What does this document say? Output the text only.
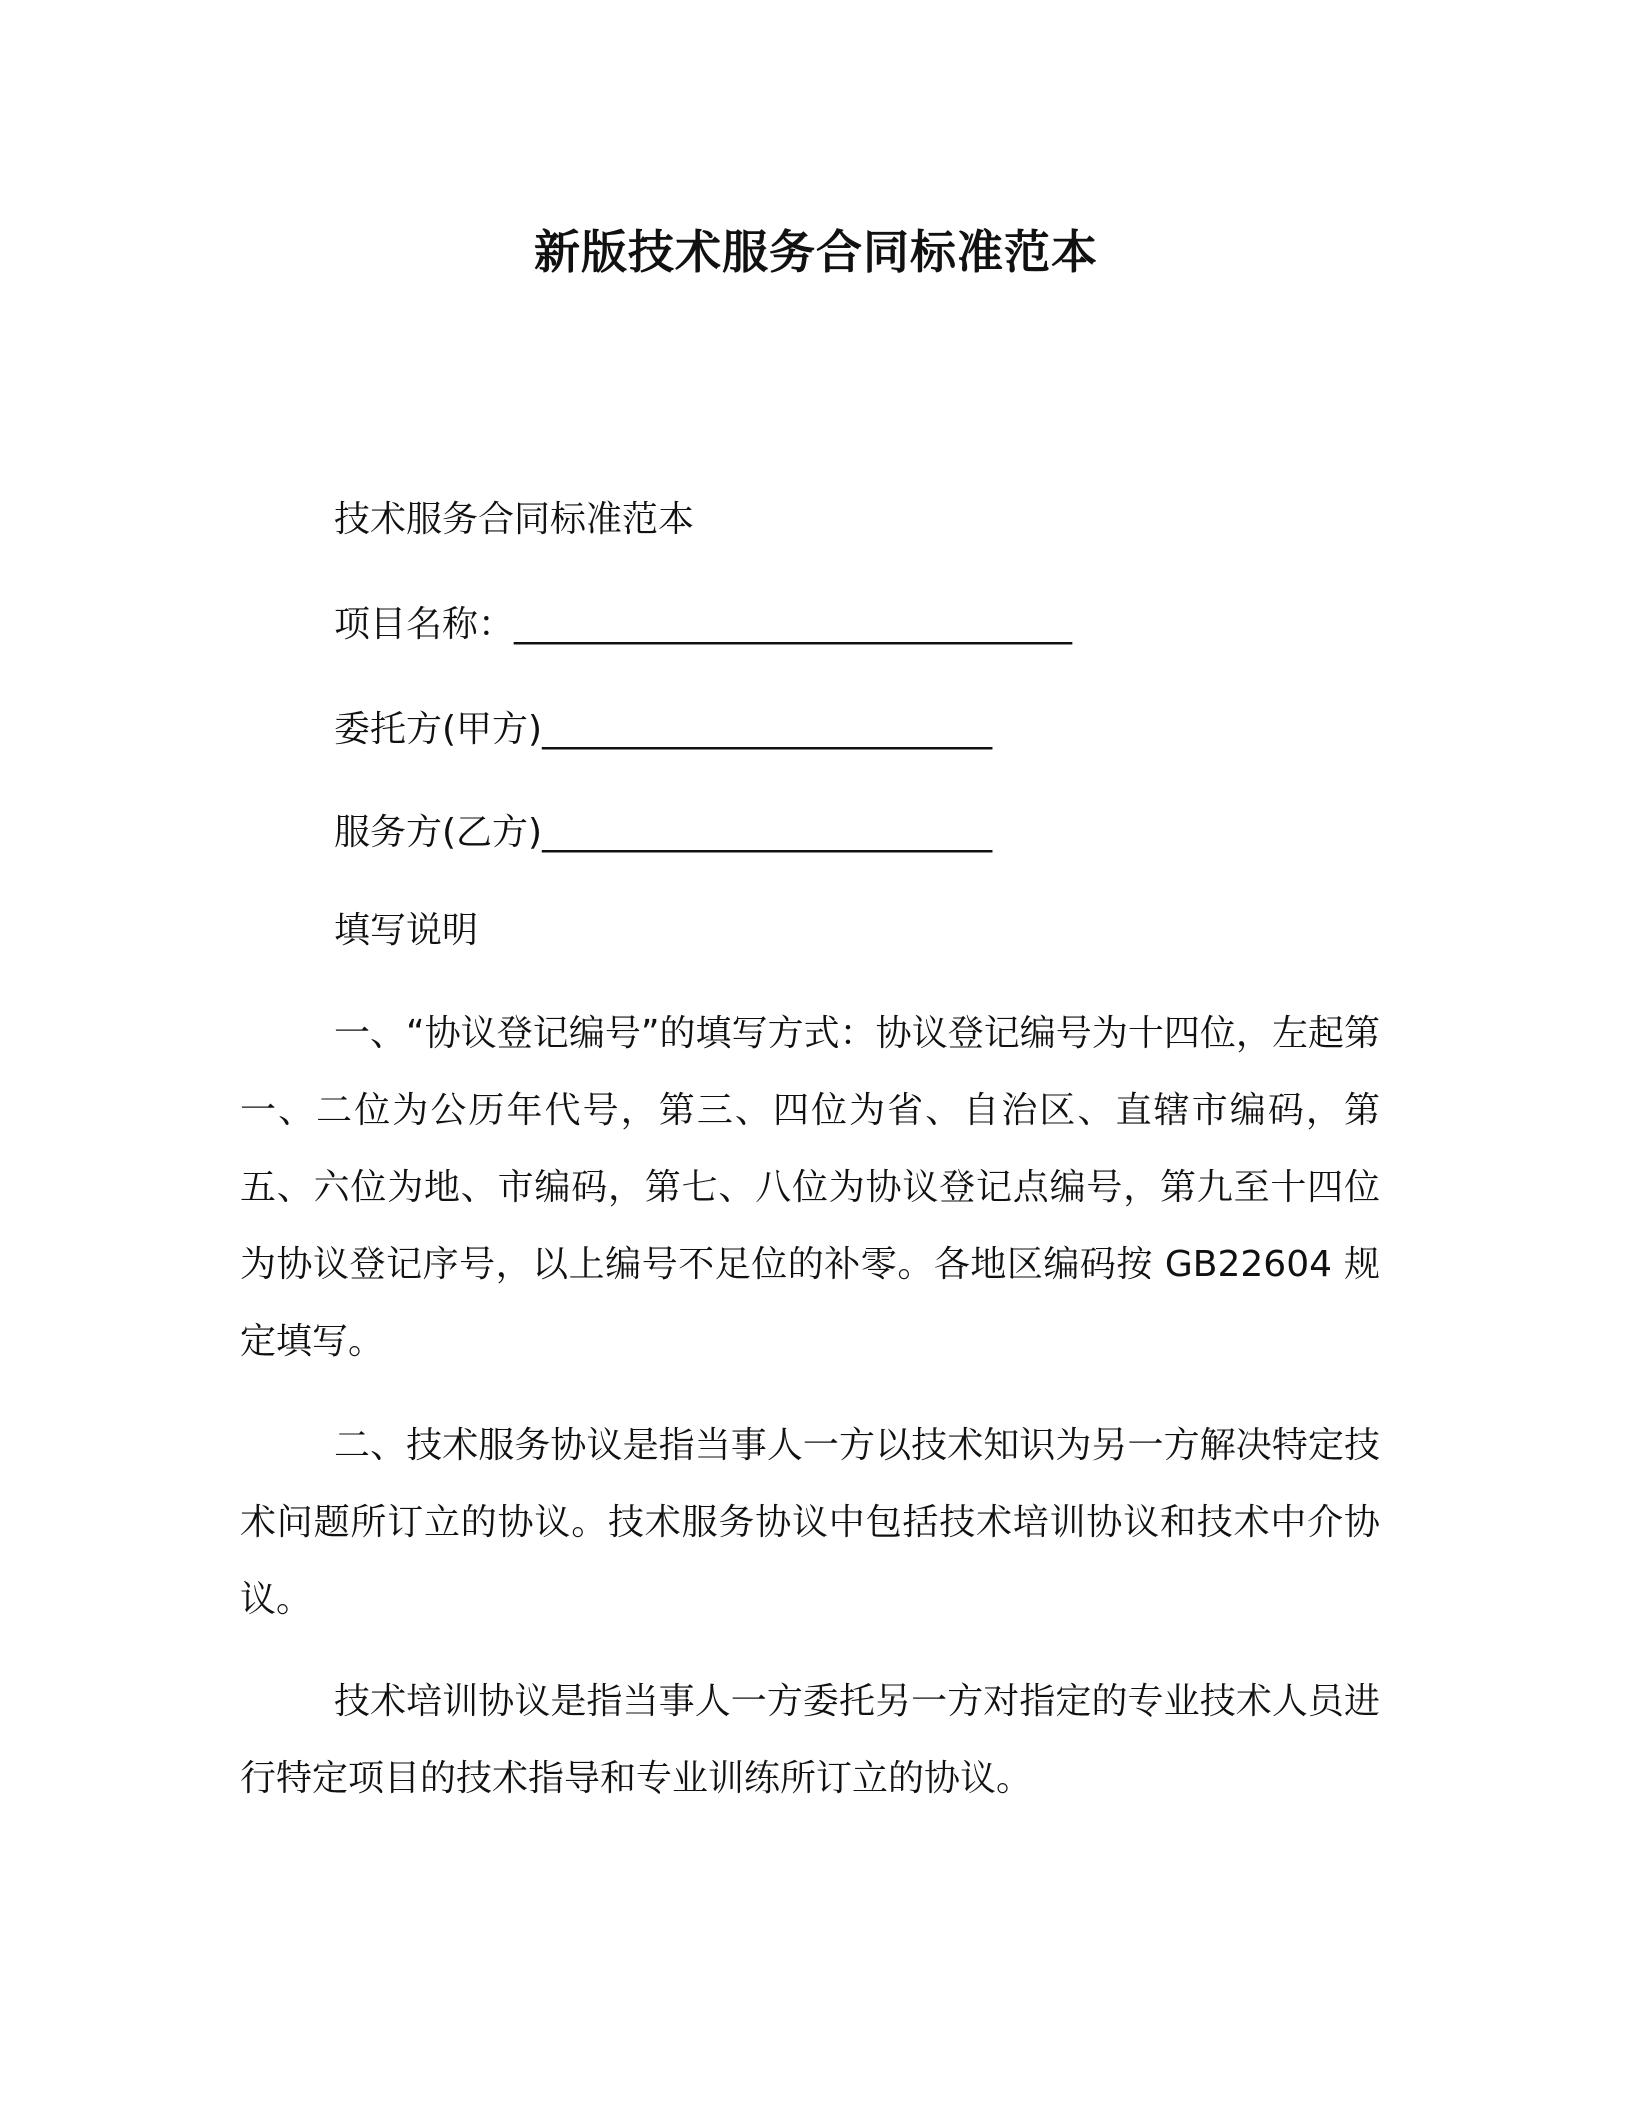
新版技术服务合同标准范本
技术服务合同标准范本
项目名称：_______________________________
委托方(甲方)_________________________
服务方(乙方)_________________________
填写说明
一、“协议登记编号”的填写方式：协议登记编号为十四位，左起第一、二位为公历年代号，第三、四位为省、自治区、直辖市编码，第五、六位为地、市编码，第七、八位为协议登记点编号，第九至十四位为协议登记序号，以上编号不足位的补零。各地区编码按 GB22604 规定填写。
二、技术服务协议是指当事人一方以技术知识为另一方解决特定技术问题所订立的协议。技术服务协议中包括技术培训协议和技术中介协议。
技术培训协议是指当事人一方委托另一方对指定的专业技术人员进行特定项目的技术指导和专业训练所订立的协议。
